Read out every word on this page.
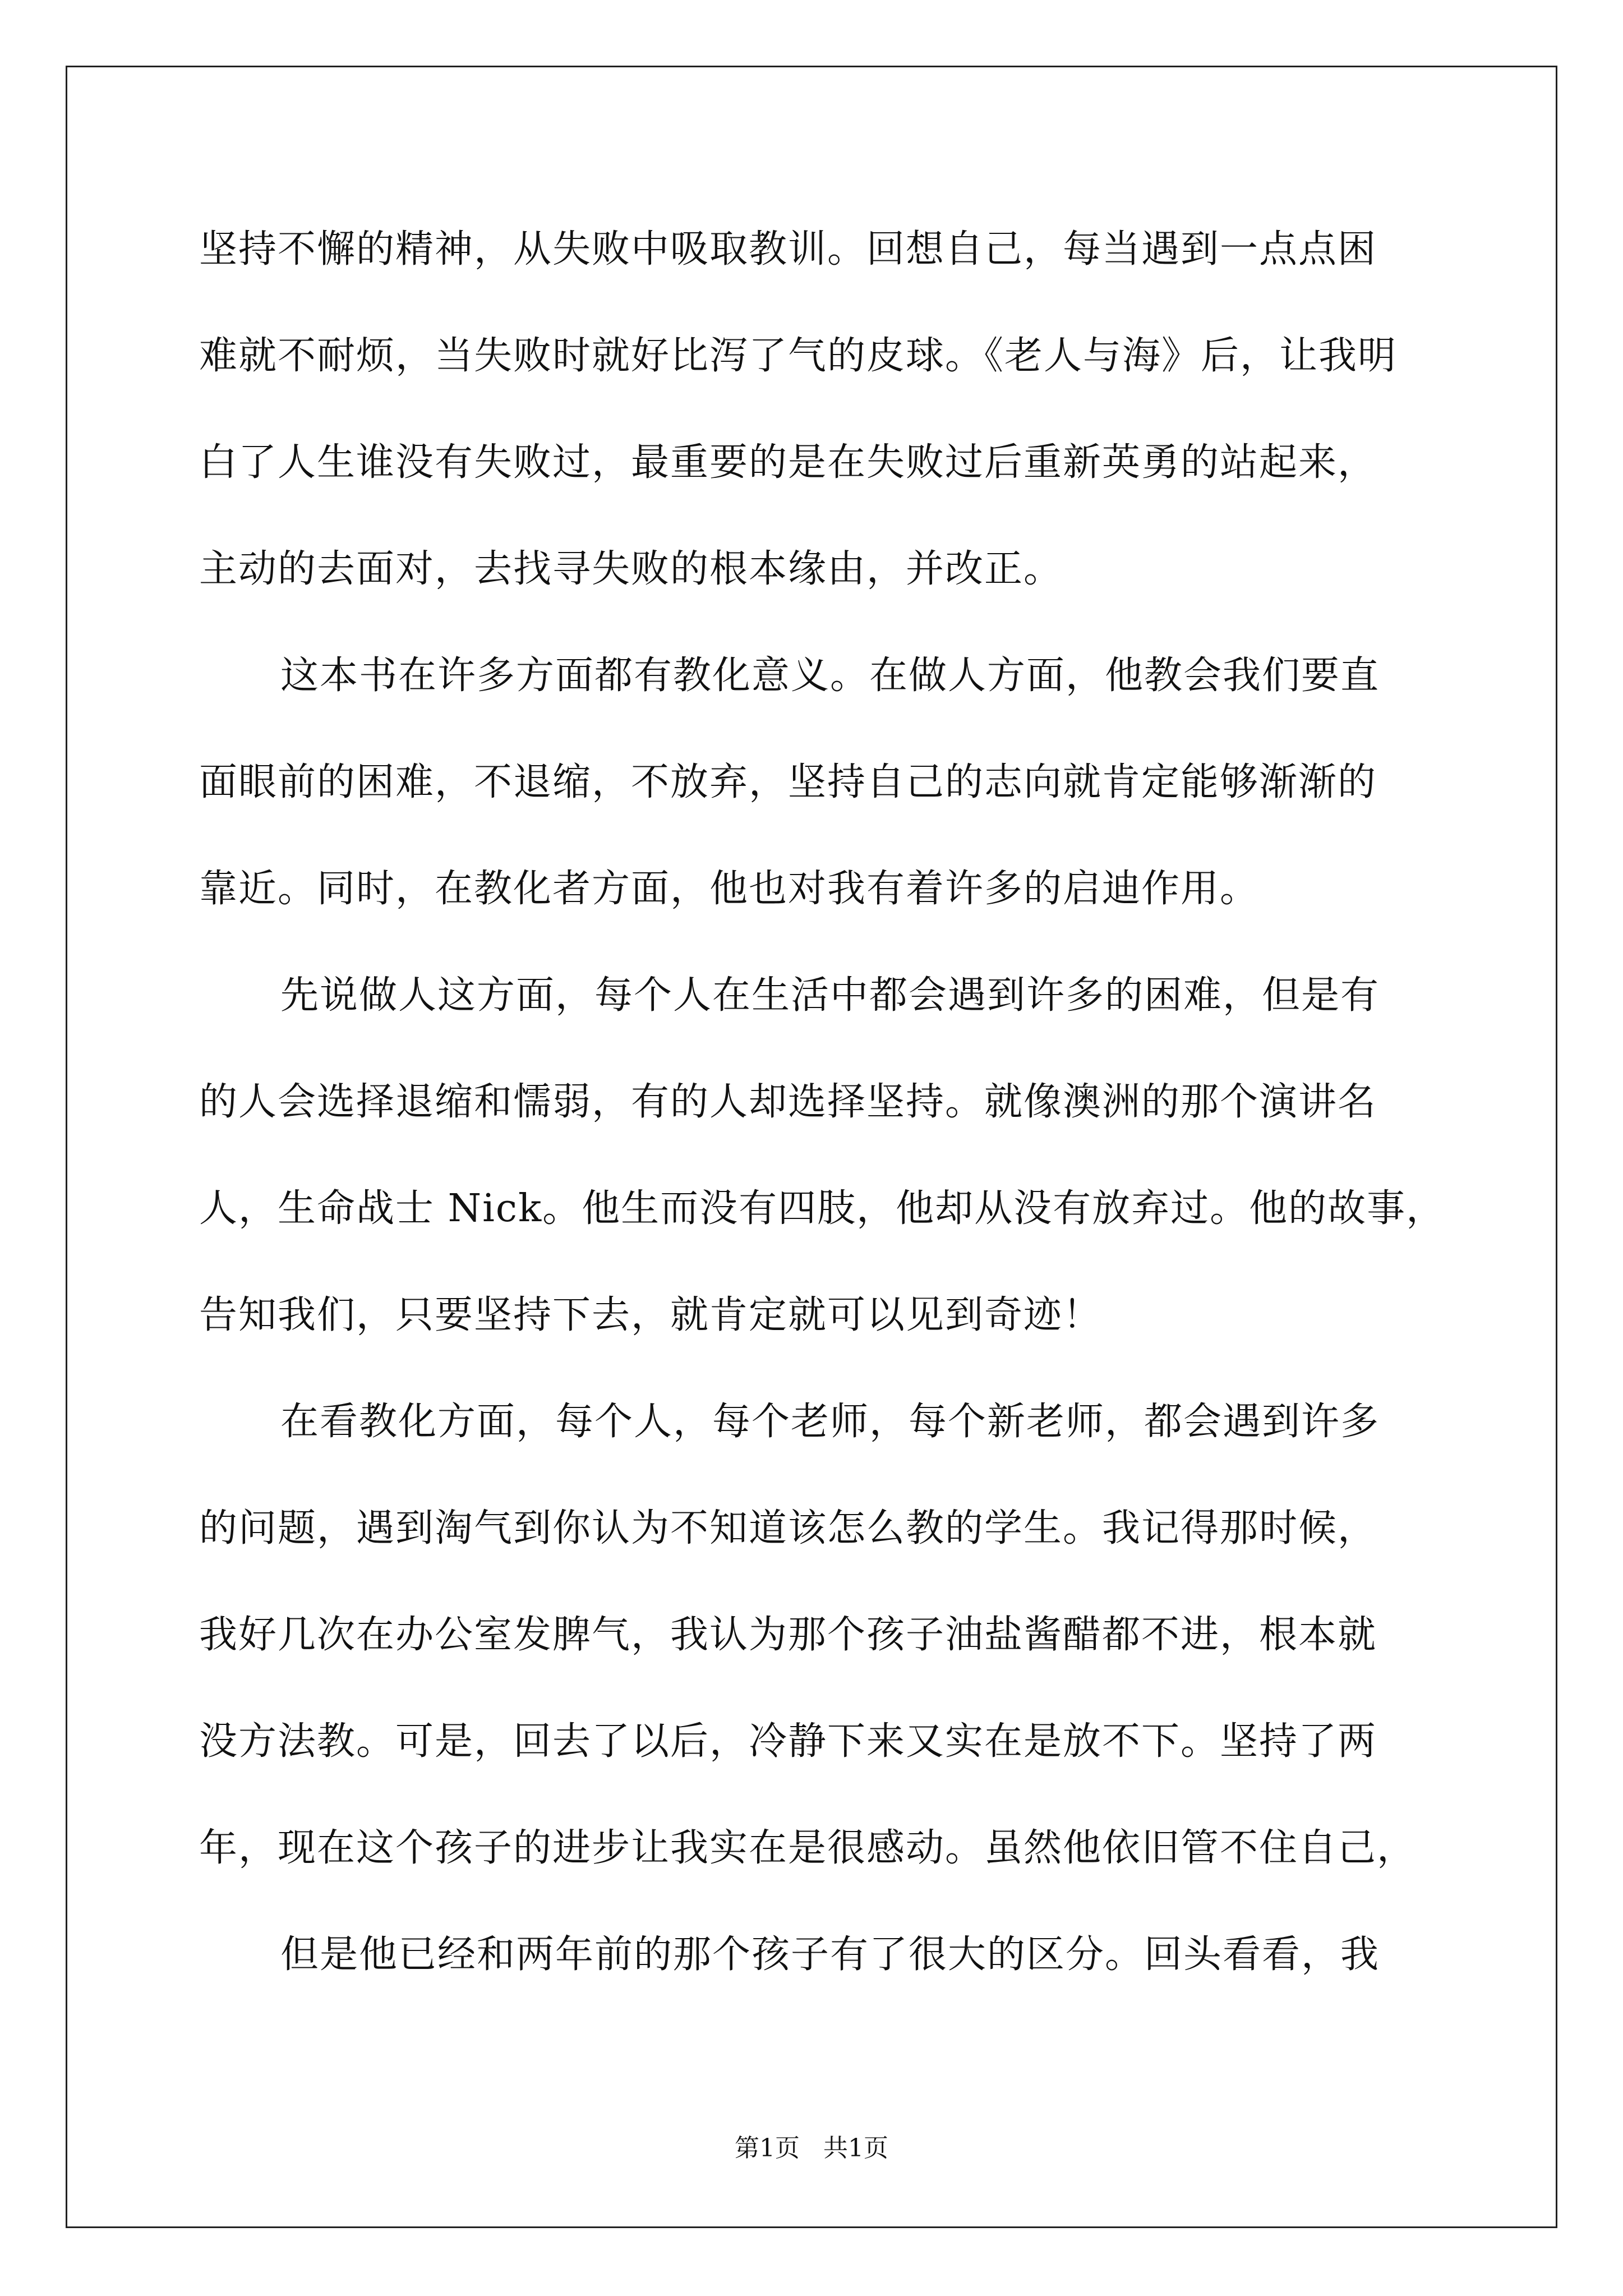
坚持不懈的精神，从失败中吸取教训。回想自己，每当遇到一点点困
难就不耐烦，当失败时就好比泻了气的皮球。《老人与海》后，让我明
白了人生谁没有失败过，最重要的是在失败过后重新英勇的站起来，
主动的去面对，去找寻失败的根本缘由，并改正。
这本书在许多方面都有教化意义。在做人方面，他教会我们要直
面眼前的困难，不退缩，不放弃，坚持自己的志向就肯定能够渐渐的
靠近。同时，在教化者方面，他也对我有着许多的启迪作用。
先说做人这方面，每个人在生活中都会遇到许多的困难，但是有
的人会选择退缩和懦弱，有的人却选择坚持。就像澳洲的那个演讲名
人，生命战士 Nick。他生而没有四肢，他却从没有放弃过。他的故事，
告知我们，只要坚持下去，就肯定就可以见到奇迹！
在看教化方面，每个人，每个老师，每个新老师，都会遇到许多
的问题，遇到淘气到你认为不知道该怎么教的学生。我记得那时候，
我好几次在办公室发脾气，我认为那个孩子油盐酱醋都不进，根本就
没方法教。可是，回去了以后，冷静下来又实在是放不下。坚持了两
年，现在这个孩子的进步让我实在是很感动。虽然他依旧管不住自己，
但是他已经和两年前的那个孩子有了很大的区分。回头看看，我
第1页 共1页
